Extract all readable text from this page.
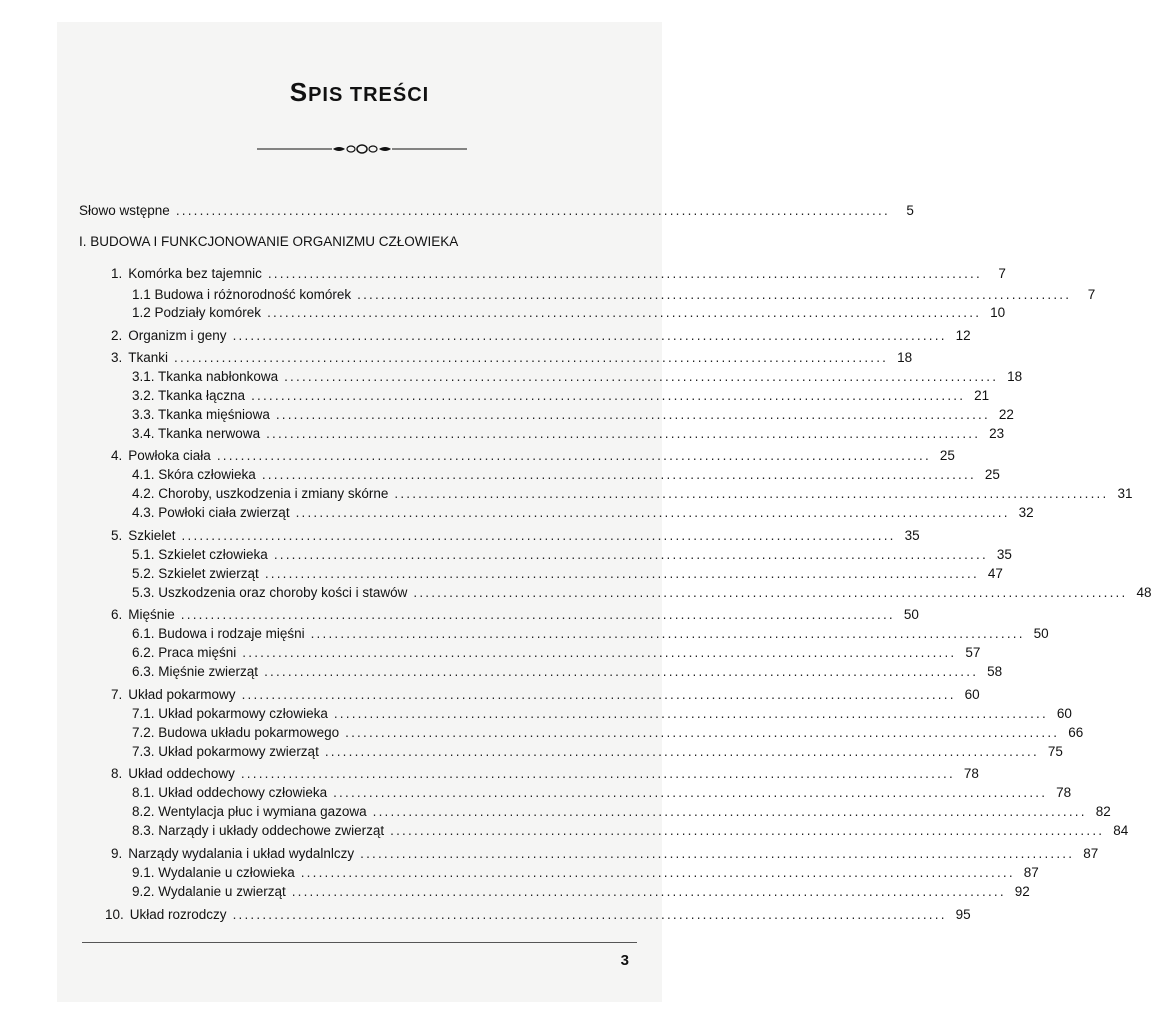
SPIS TREŚCI
Słowo wstępne ........................................................................................................................	5
I. BUDOWA I FUNKCJONOWANIE ORGANIZMU CZŁOWIEKA
1. Komórka bez tajemnic ........................................................................................................................	7
1.1 Budowa i różnorodność komórek ........................................................................................................................	7
1.2 Podziały komórek ........................................................................................................................ 10
2. Organizm i geny ........................................................................................................................ 12
3. Tkanki ........................................................................................................................ 18
3.1. Tkanka nabłonkowa ........................................................................................................................ 18
3.2. Tkanka łączna ........................................................................................................................ 21
3.3. Tkanka mięśniowa ........................................................................................................................ 22
3.4. Tkanka nerwowa ........................................................................................................................ 23
4. Powłoka ciała ........................................................................................................................ 25
4.1. Skóra człowieka ........................................................................................................................ 25
4.2. Choroby, uszkodzenia i zmiany skórne ........................................................................................................................ 31
4.3. Powłoki ciała zwierząt ........................................................................................................................ 32
5. Szkielet ........................................................................................................................ 35
5.1. Szkielet człowieka ........................................................................................................................ 35
5.2. Szkielet zwierząt ........................................................................................................................ 47
5.3. Uszkodzenia oraz choroby kości i stawów ........................................................................................................................ 48
6. Mięśnie ........................................................................................................................ 50
6.1. Budowa i rodzaje mięśni ........................................................................................................................ 50
6.2. Praca mięśni ........................................................................................................................ 57
6.3. Mięśnie zwierząt ........................................................................................................................ 58
7. Układ pokarmowy ........................................................................................................................ 60
7.1. Układ pokarmowy człowieka ........................................................................................................................ 60
7.2. Budowa układu pokarmowego ........................................................................................................................ 66
7.3. Układ pokarmowy zwierząt ........................................................................................................................ 75
8. Układ oddechowy ........................................................................................................................ 78
8.1. Układ oddechowy człowieka ........................................................................................................................ 78
8.2. Wentylacja płuc i wymiana gazowa ........................................................................................................................ 82
8.3. Narządy i układy oddechowe zwierząt ........................................................................................................................ 84
9. Narządy wydalania i układ wydalnlczy ........................................................................................................................ 87
9.1. Wydalanie u człowieka ........................................................................................................................ 87
9.2. Wydalanie u zwierząt ........................................................................................................................ 92
10. Układ rozrodczy ........................................................................................................................ 95
3
